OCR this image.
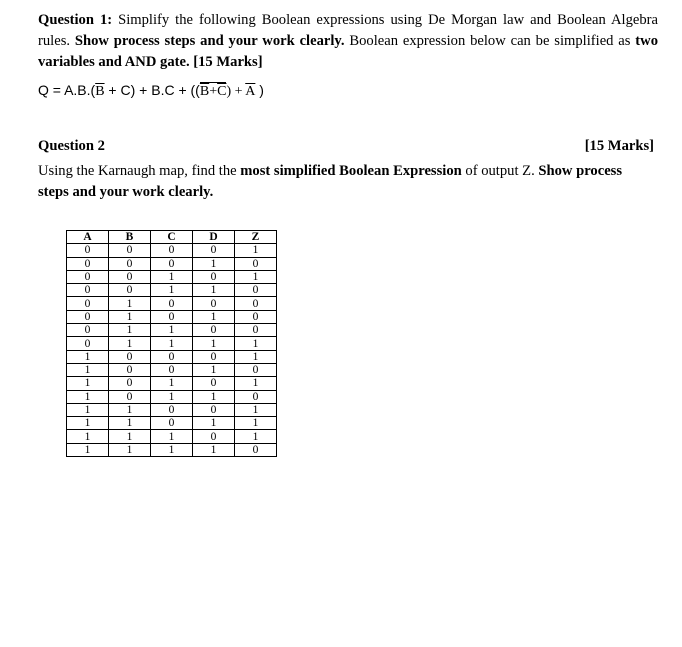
Question 1: Simplify the following Boolean expressions using De Morgan law and Boolean Algebra rules. Show process steps and your work clearly. Boolean expression below can be simplified as two variables and AND gate. [15 Marks]
$Q = A.B.(\overline{B} + C) + B.C + ((\overline{B}+\overline{C}) + \overline{A}$ )
Question 2	[15 Marks]
Using the Karnaugh map, find the most simplified Boolean Expression of output Z. Show process steps and your work clearly.
A	B	C	D	Z
0	0	0	0	1
0	0	0	1	0
0	0	1	0	1
0	0	1	1	0
0	1	0	0	0
0	1	0	1	0
0	1	1	0	0
0	1	1	1	1
1	0	0	0	1
1	0	0	1	0
1	0	1	0	1
1	0	1	1	0
1	1	0	0	1
1	1	0	1	1
1	1	1	0	1
1	1	1	1	0
